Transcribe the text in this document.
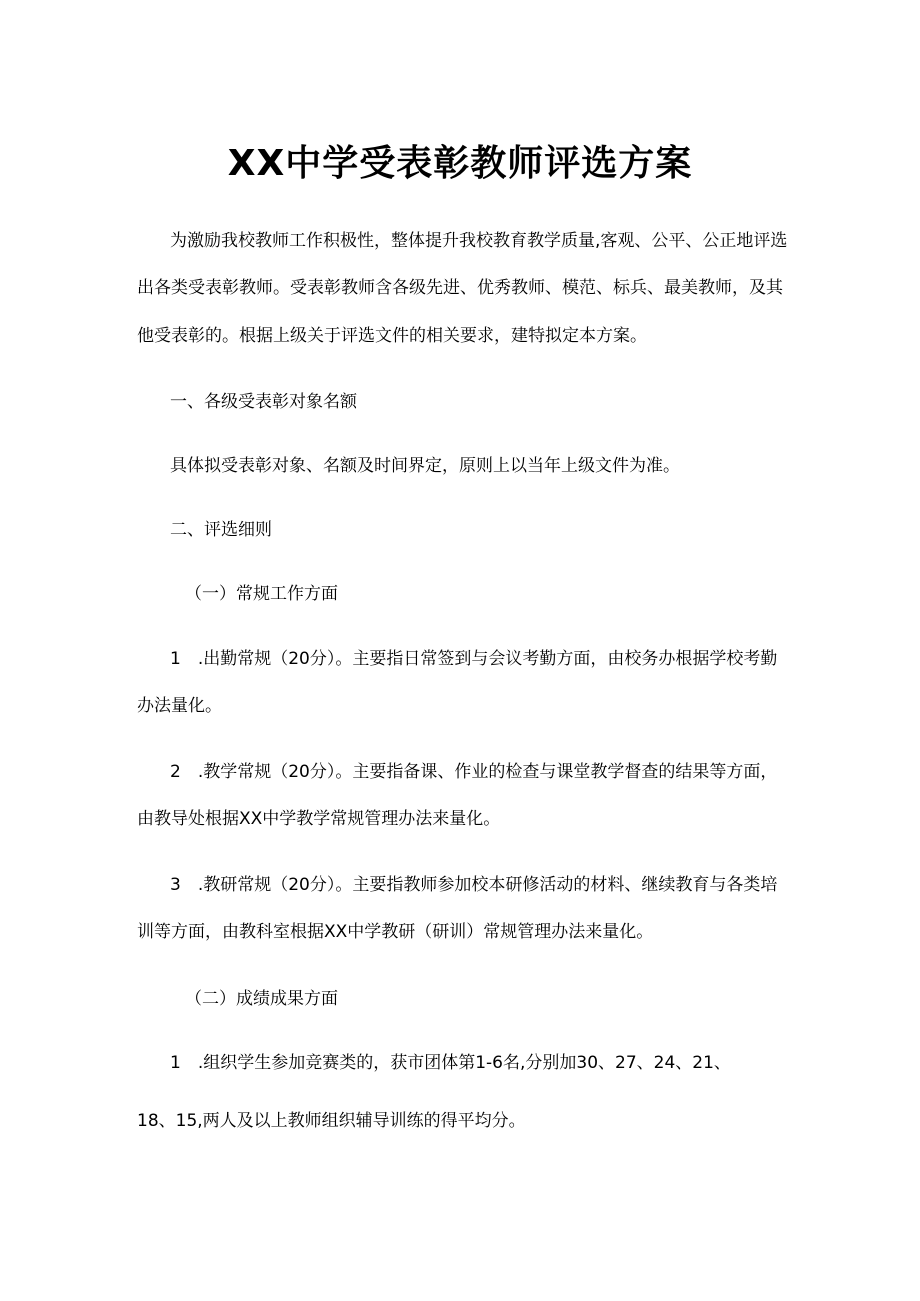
XX中学受表彰教师评选方案
为激励我校教师工作积极性，整体提升我校教育教学质量,客观、公平、公正地评选
出各类受表彰教师。受表彰教师含各级先进、优秀教师、模范、标兵、最美教师，及其
他受表彰的。根据上级关于评选文件的相关要求，建特拟定本方案。
一、各级受表彰对象名额
具体拟受表彰对象、名额及时间界定，原则上以当年上级文件为准。
二、评选细则
（一）常规工作方面
1　.出勤常规（20分）。主要指日常签到与会议考勤方面，由校务办根据学校考勤
办法量化。
2　.教学常规（20分）。主要指备课、作业的检查与课堂教学督查的结果等方面，
由教导处根据XX中学教学常规管理办法来量化。
3　.教研常规（20分）。主要指教师参加校本研修活动的材料、继续教育与各类培
训等方面，由教科室根据XX中学教研（研训）常规管理办法来量化。
（二）成绩成果方面
1　.组织学生参加竞赛类的，获市团体第1-6名,分别加30、27、24、21、
18、15,两人及以上教师组织辅导训练的得平均分。
